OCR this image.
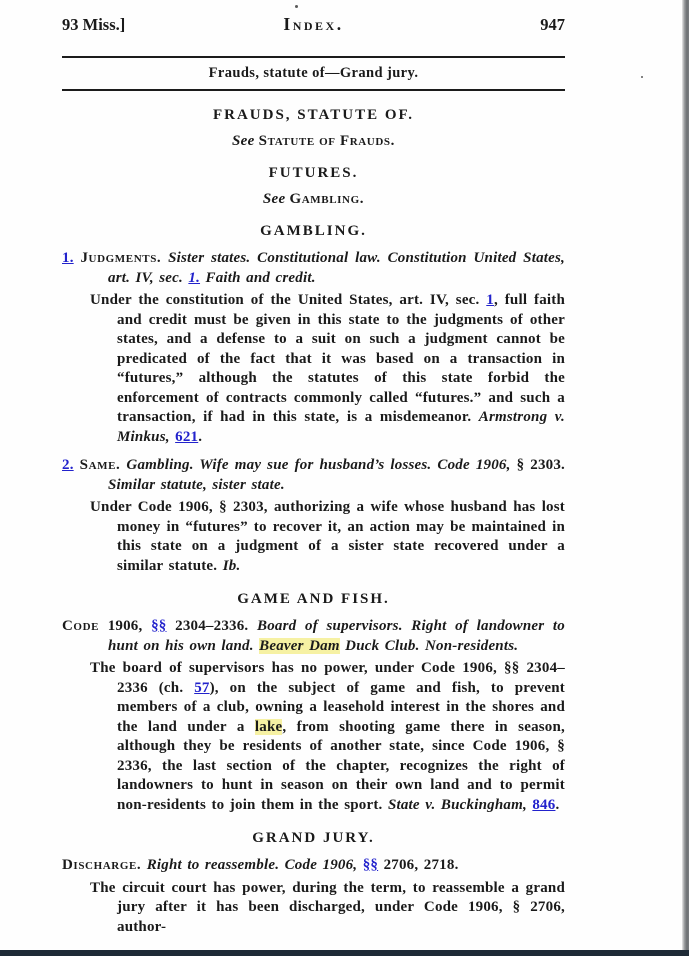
93 Miss.]	Index.	947

Frauds, statute of—Grand jury.

FRAUDS, STATUTE OF.

See Statute of Frauds.

FUTURES.

See Gambling.

GAMBLING.

1. Judgments. Sister states. Constitutional law. Constitution United States, art. IV, sec. 1. Faith and credit.

Under the constitution of the United States, art. IV, sec. 1, full faith and credit must be given in this state to the judgments of other states, and a defense to a suit on such a judgment cannot be predicated of the fact that it was based on a transaction in “futures,” although the statutes of this state forbid the enforcement of contracts commonly called “futures.” and such a transaction, if had in this state, is a misdemeanor. Armstrong v. Minkus, 621.

2. Same. Gambling. Wife may sue for husband’s losses. Code 1906, § 2303. Similar statute, sister state.

Under Code 1906, § 2303, authorizing a wife whose husband has lost money in “futures” to recover it, an action may be maintained in this state on a judgment of a sister state recovered under a similar statute. Ib.

GAME AND FISH.

Code 1906, §§ 2304–2336. Board of supervisors. Right of landowner to hunt on his own land. Beaver Dam Duck Club. Non-residents.

The board of supervisors has no power, under Code 1906, §§ 2304–2336 (ch. 57), on the subject of game and fish, to prevent members of a club, owning a leasehold interest in the shores and the land under a lake, from shooting game there in season, although they be residents of another state, since Code 1906, § 2336, the last section of the chapter, recognizes the right of landowners to hunt in season on their own land and to permit non-residents to join them in the sport. State v. Buckingham, 846.

GRAND JURY.

Discharge. Right to reassemble. Code 1906, §§ 2706, 2718.

The circuit court has power, during the term, to reassemble a grand jury after it has been discharged, under Code 1906, § 2706, author-
